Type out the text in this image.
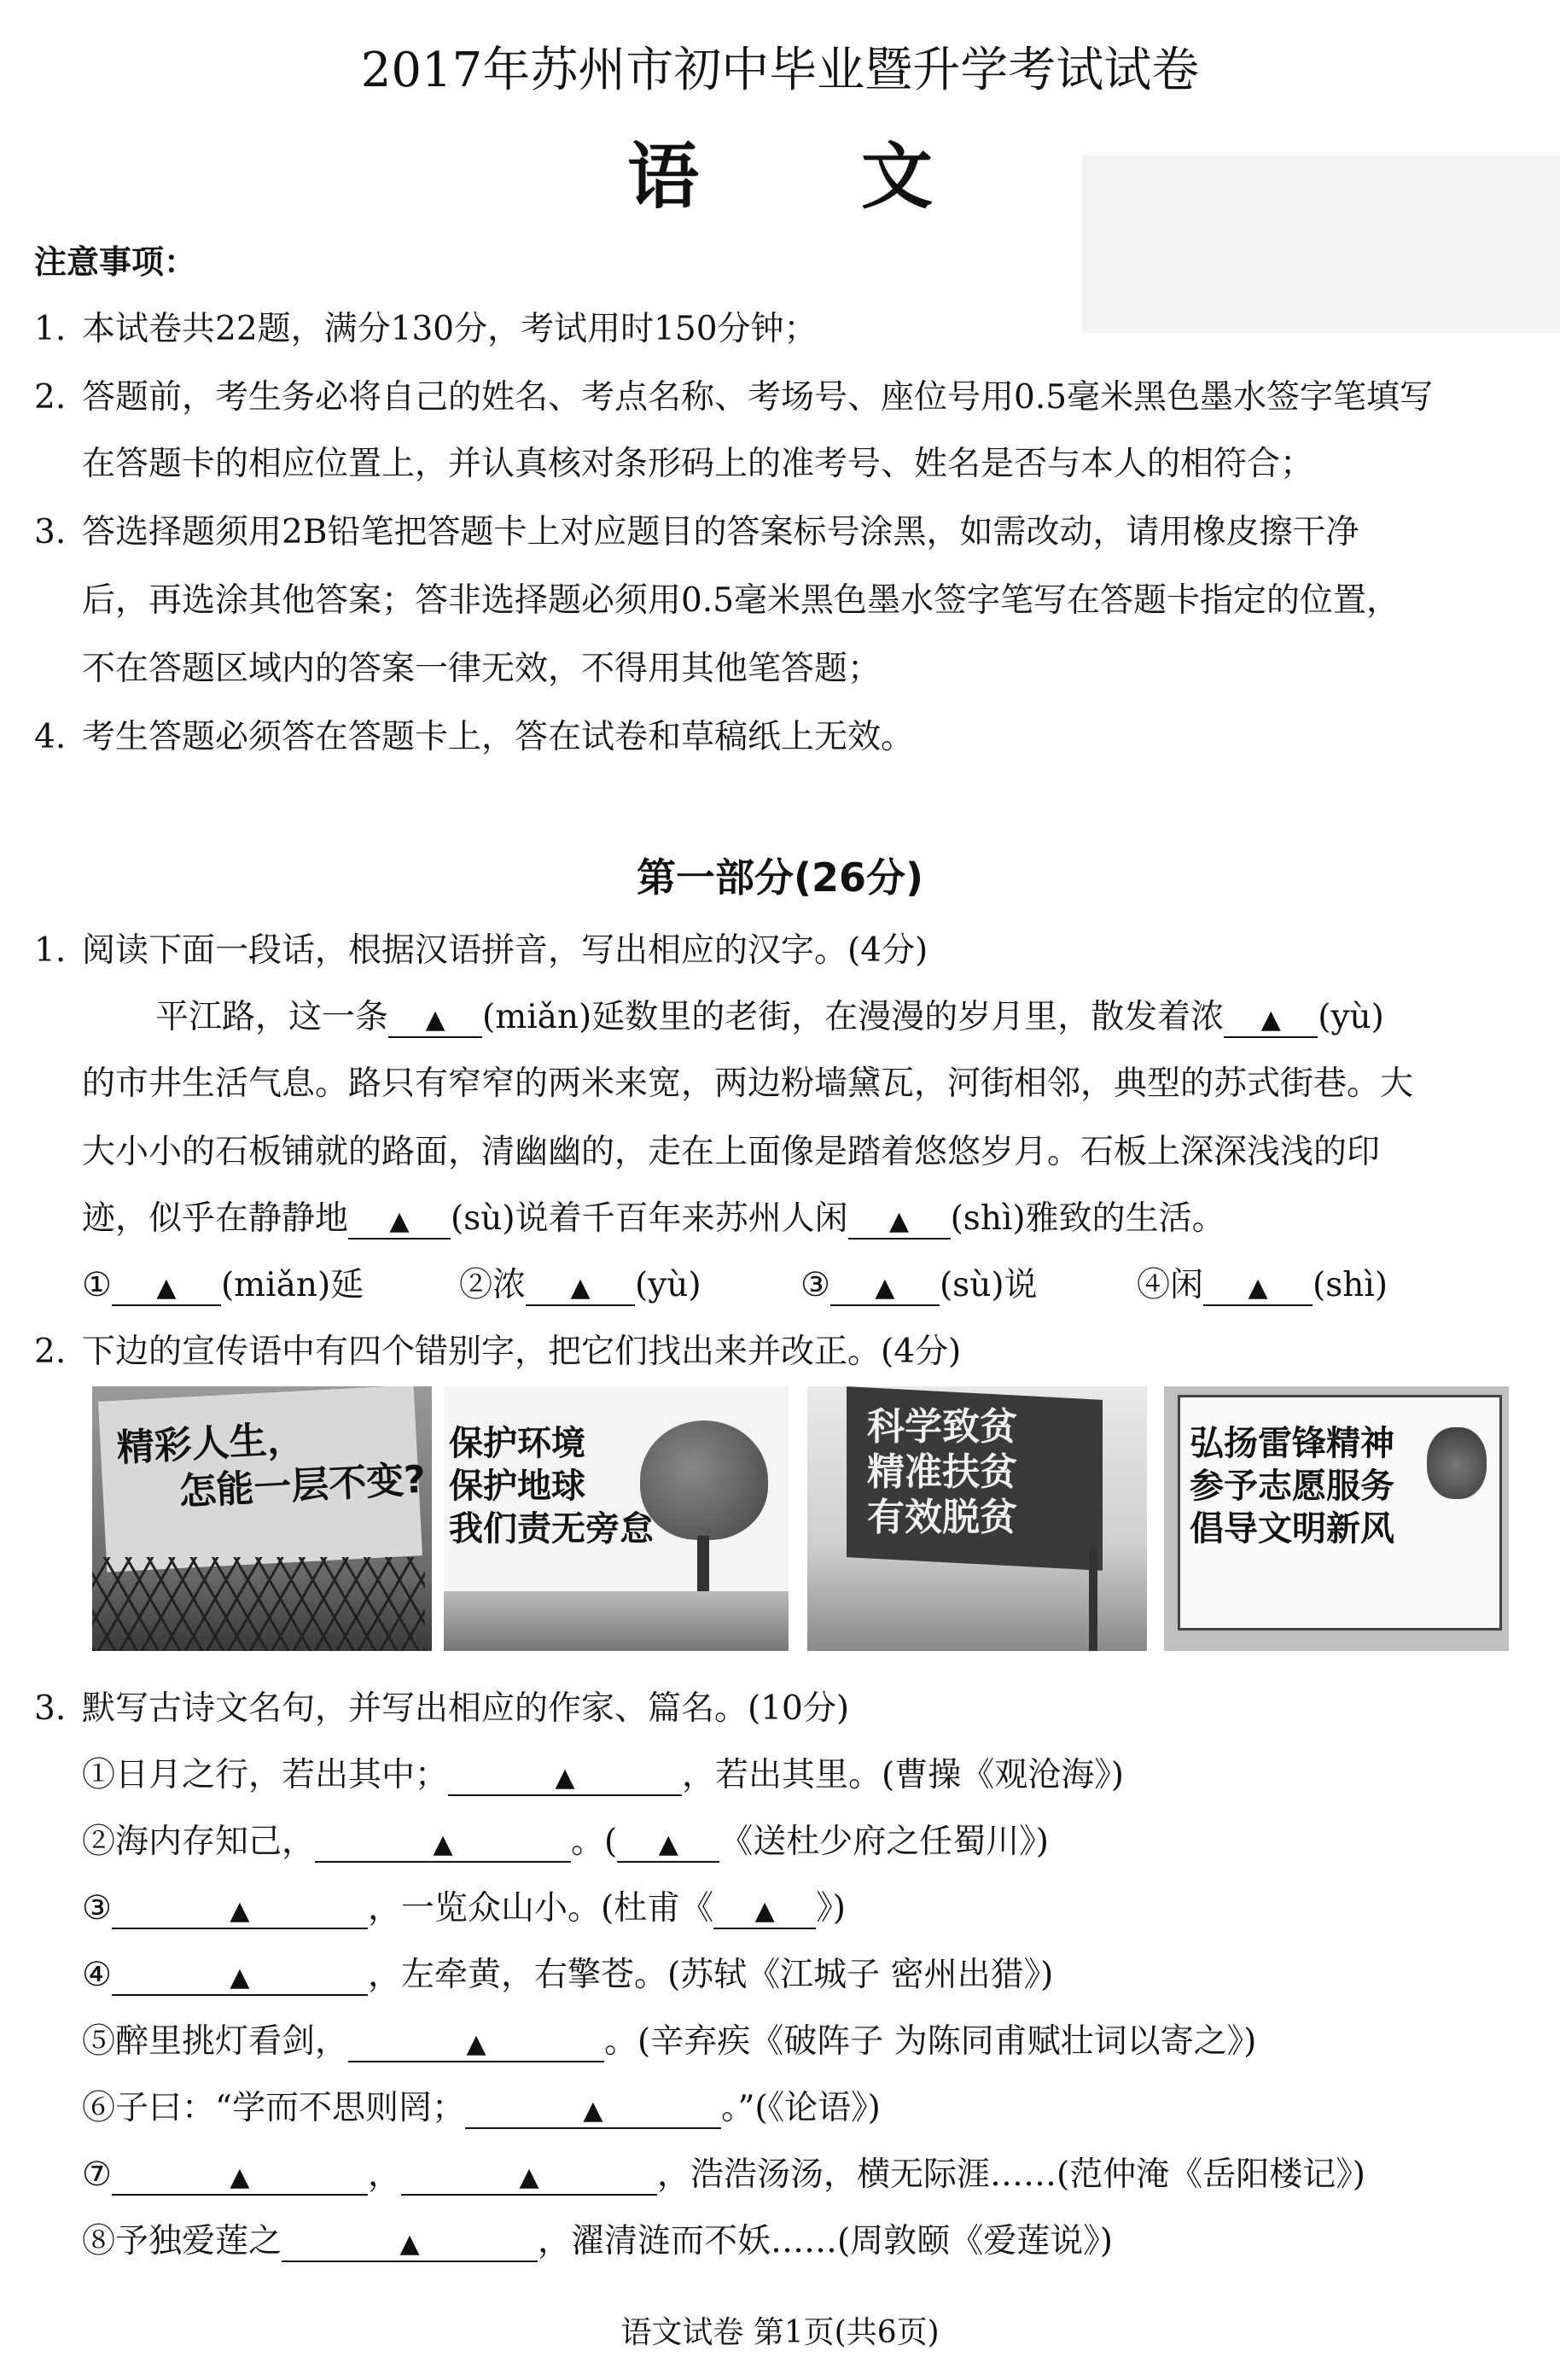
2017年苏州市初中毕业暨升学考试试卷
语 文
注意事项：
1. 本试卷共22题，满分130分，考试用时150分钟；
2. 答题前，考生务必将自己的姓名、考点名称、考场号、座位号用0.5毫米黑色墨水签字笔填写
在答题卡的相应位置上，并认真核对条形码上的准考号、姓名是否与本人的相符合；
3. 答选择题须用2B铅笔把答题卡上对应题目的答案标号涂黑，如需改动，请用橡皮擦干净
后，再选涂其他答案；答非选择题必须用0.5毫米黑色墨水签字笔写在答题卡指定的位置，
不在答题区域内的答案一律无效，不得用其他笔答题；
4. 考生答题必须答在答题卡上，答在试卷和草稿纸上无效。
第一部分(26分)
1. 阅读下面一段话，根据汉语拼音，写出相应的汉字。(4分)
平江路，这一条 ▲ (miǎn)延数里的老街，在漫漫的岁月里，散发着浓 ▲ (yù)
的市井生活气息。路只有窄窄的两米来宽，两边粉墙黛瓦，河街相邻，典型的苏式街巷。大
大小小的石板铺就的路面，清幽幽的，走在上面像是踏着悠悠岁月。石板上深深浅浅的印
迹，似乎在静静地 ▲ (sù)说着千百年来苏州人闲 ▲ (shì)雅致的生活。
① ▲ (miǎn)延	②浓 ▲ (yù)	③ ▲ (sù)说	④闲 ▲ (shì)
2. 下边的宣传语中有四个错别字，把它们找出来并改正。(4分)
精彩人生，
怎能一层不变?
保护环境
保护地球
我们责无旁怠
科学致贫
精准扶贫
有效脱贫
弘扬雷锋精神
参予志愿服务
倡导文明新风
3. 默写古诗文名句，并写出相应的作家、篇名。(10分)
①日月之行，若出其中；	▲	，若出其里。(曹操《观沧海》)
②海内存知己，	▲	。( ▲ 《送杜少府之任蜀川》)
③	▲	，一览众山小。(杜甫《 ▲ 》)
④	▲	，左牵黄，右擎苍。(苏轼《江城子 密州出猎》)
⑤醉里挑灯看剑，	▲	。(辛弃疾《破阵子 为陈同甫赋壮词以寄之》)
⑥子曰：“学而不思则罔；	▲	。”(《论语》)
⑦	▲	，	▲	，浩浩汤汤，横无际涯……(范仲淹《岳阳楼记》)
⑧予独爱莲之	▲	，濯清涟而不妖……(周敦颐《爱莲说》)
语文试卷 第1页(共6页)
